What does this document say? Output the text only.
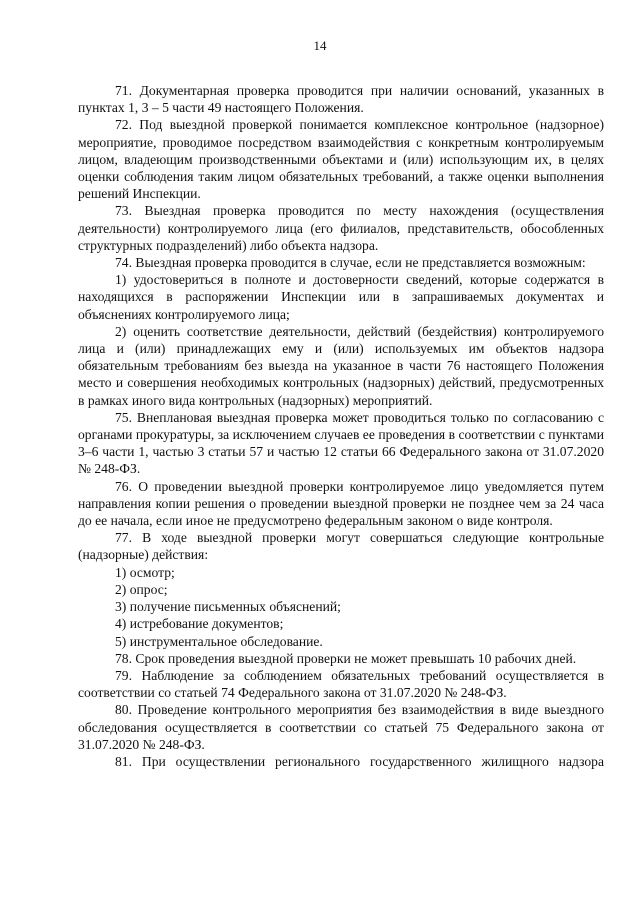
14

71. Документарная проверка проводится при наличии оснований, указанных в пунктах 1, 3 – 5 части 49 настоящего Положения.

72. Под выездной проверкой понимается комплексное контрольное (надзорное) мероприятие, проводимое посредством взаимодействия с конкретным контролируемым лицом, владеющим производственными объектами и (или) использующим их, в целях оценки соблюдения таким лицом обязательных требований, а также оценки выполнения решений Инспекции.

73. Выездная проверка проводится по месту нахождения (осуществления деятельности) контролируемого лица (его филиалов, представительств, обособленных структурных подразделений) либо объекта надзора.

74. Выездная проверка проводится в случае, если не представляется возможным:

1) удостовериться в полноте и достоверности сведений, которые содержатся в находящихся в распоряжении Инспекции или в запрашиваемых документах и объяснениях контролируемого лица;

2) оценить соответствие деятельности, действий (бездействия) контролируемого лица и (или) принадлежащих ему и (или) используемых им объектов надзора обязательным требованиям без выезда на указанное в части 76 настоящего Положения место и совершения необходимых контрольных (надзорных) действий, предусмотренных в рамках иного вида контрольных (надзорных) мероприятий.

75. Внеплановая выездная проверка может проводиться только по согласованию с органами прокуратуры, за исключением случаев ее проведения в соответствии с пунктами 3–6 части 1, частью 3 статьи 57 и частью 12 статьи 66 Федерального закона от 31.07.2020 № 248-ФЗ.

76. О проведении выездной проверки контролируемое лицо уведомляется путем направления копии решения о проведении выездной проверки не позднее чем за 24 часа до ее начала, если иное не предусмотрено федеральным законом о виде контроля.

77. В ходе выездной проверки могут совершаться следующие контрольные (надзорные) действия:

1) осмотр;

2) опрос;

3) получение письменных объяснений;

4) истребование документов;

5) инструментальное обследование.

78. Срок проведения выездной проверки не может превышать 10 рабочих дней.

79. Наблюдение за соблюдением обязательных требований осуществляется в соответствии со статьей 74 Федерального закона от 31.07.2020 № 248-ФЗ.

80. Проведение контрольного мероприятия без взаимодействия в виде выездного обследования осуществляется в соответствии со статьей 75 Федерального закона от 31.07.2020 № 248-ФЗ.

81. При осуществлении регионального государственного жилищного надзора
